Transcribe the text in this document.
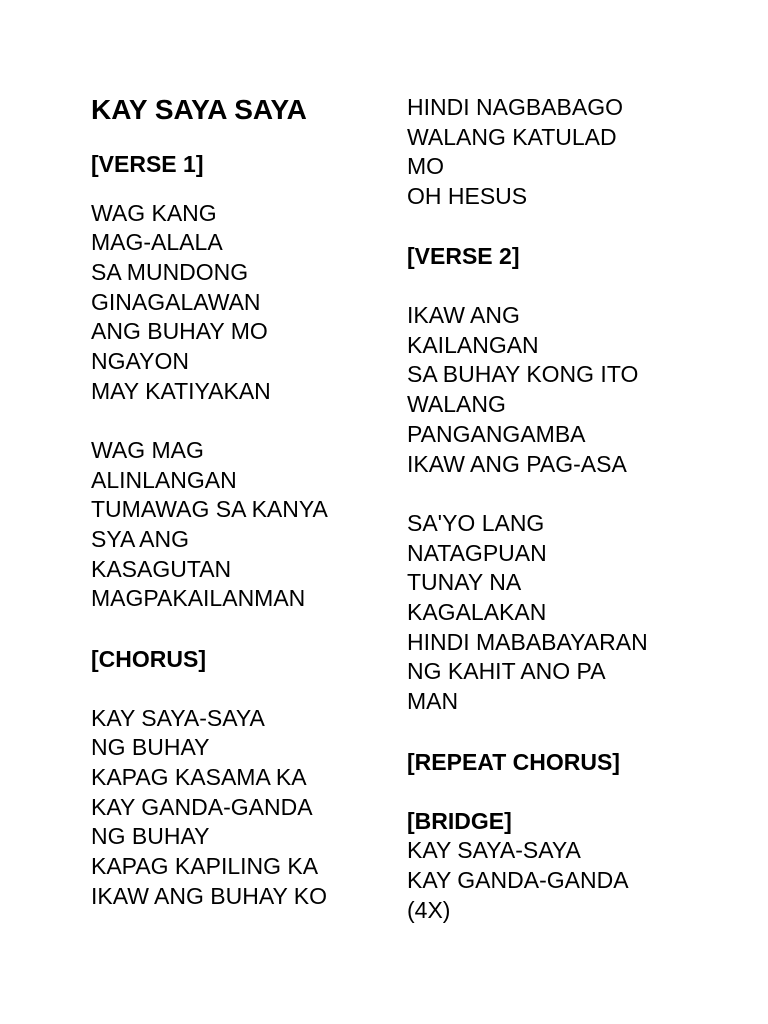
KAY SAYA SAYA
[VERSE 1]
WAG KANG
MAG-ALALA
SA MUNDONG
GINAGALAWAN
ANG BUHAY MO
NGAYON
MAY KATIYAKAN
WAG MAG
ALINLANGAN
TUMAWAG SA KANYA
SYA ANG
KASAGUTAN
MAGPAKAILANMAN
[CHORUS]
KAY SAYA-SAYA
NG BUHAY
KAPAG KASAMA KA
KAY GANDA-GANDA
NG BUHAY
KAPAG KAPILING KA
IKAW ANG BUHAY KO
HINDI NAGBABAGO
WALANG KATULAD
MO
OH HESUS
[VERSE 2]
IKAW ANG
KAILANGAN
SA BUHAY KONG ITO
WALANG
PANGANGAMBA
IKAW ANG PAG-ASA
SA'YO LANG
NATAGPUAN
TUNAY NA
KAGALAKAN
HINDI MABABAYARAN
NG KAHIT ANO PA
MAN
[REPEAT CHORUS]
[BRIDGE]
KAY SAYA-SAYA
KAY GANDA-GANDA
(4X)
